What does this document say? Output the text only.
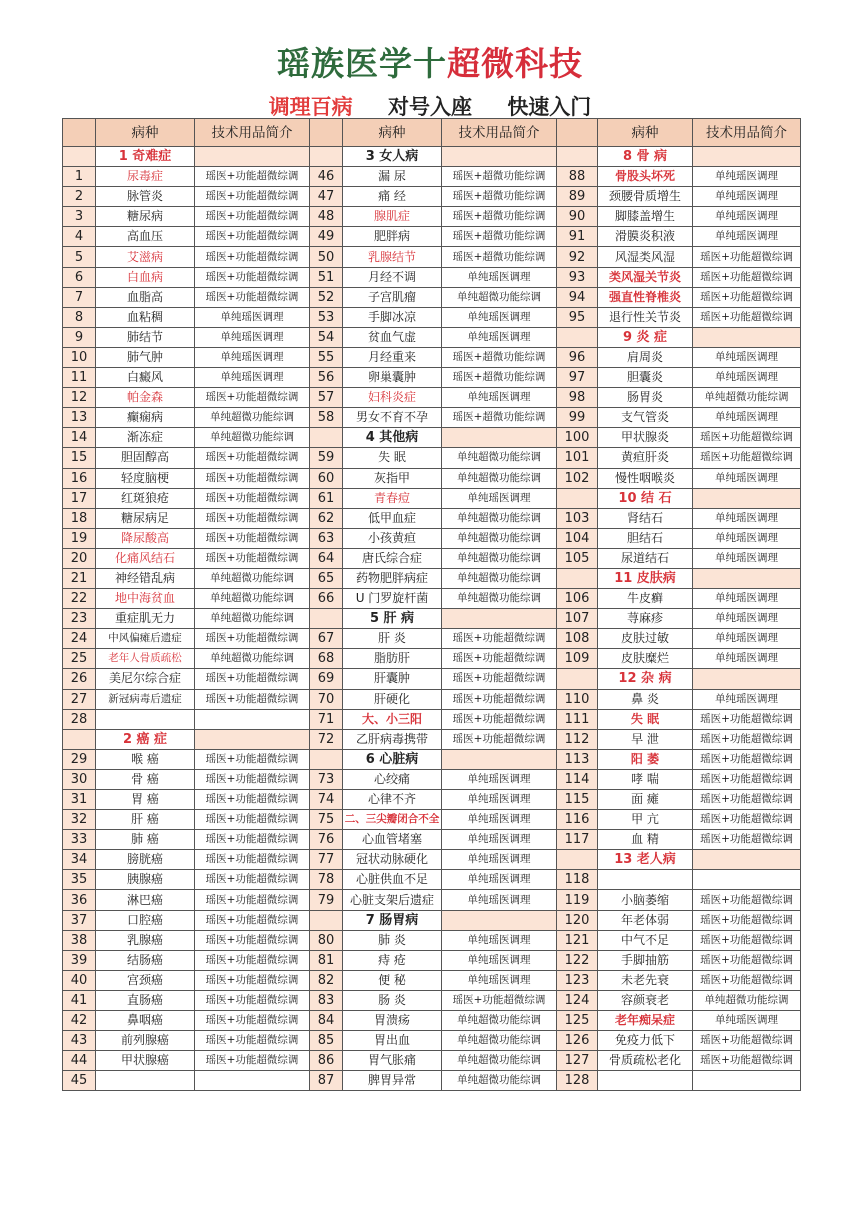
瑶族医学十超微科技
调理百病 对号入座 快速入门
	病种	技术用品简介		病种	技术用品简介		病种	技术用品简介
	1 奇难症			3 女人病			8 骨 病	
1	尿毒症	瑶医+功能超微综调	46	漏 尿	瑶医+超微功能综调	88	骨股头坏死	单纯瑶医调理
2	脉管炎	瑶医+功能超微综调	47	痛 经	瑶医+超微功能综调	89	颈腰骨质增生	单纯瑶医调理
3	糖尿病	瑶医+功能超微综调	48	腺肌症	瑶医+超微功能综调	90	脚膝盖增生	单纯瑶医调理
4	高血压	瑶医+功能超微综调	49	肥胖病	瑶医+超微功能综调	91	滑膜炎积液	单纯瑶医调理
5	艾滋病	瑶医+功能超微综调	50	乳腺结节	瑶医+超微功能综调	92	风湿类风湿	瑶医+功能超微综调
6	白血病	瑶医+功能超微综调	51	月经不调	单纯瑶医调理	93	类风湿关节炎	瑶医+功能超微综调
7	血脂高	瑶医+功能超微综调	52	子宫肌瘤	单纯超微功能综调	94	强直性脊椎炎	瑶医+功能超微综调
8	血粘稠	单纯瑶医调理	53	手脚冰凉	单纯瑶医调理	95	退行性关节炎	瑶医+功能超微综调
9	肺结节	单纯瑶医调理	54	贫血气虚	单纯瑶医调理		9 炎 症	
10	肺气肿	单纯瑶医调理	55	月经重来	瑶医+超微功能综调	96	肩周炎	单纯瑶医调理
11	白癜风	单纯瑶医调理	56	卵巢囊肿	瑶医+超微功能综调	97	胆囊炎	单纯瑶医调理
12	帕金森	瑶医+功能超微综调	57	妇科炎症	单纯瑶医调理	98	肠胃炎	单纯超微功能综调
13	癫痫病	单纯超微功能综调	58	男女不育不孕	瑶医+超微功能综调	99	支气管炎	单纯瑶医调理
14	渐冻症	单纯超微功能综调		4 其他病		100	甲状腺炎	瑶医+功能超微综调
15	胆固醇高	瑶医+功能超微综调	59	失 眠	单纯超微功能综调	101	黄疸肝炎	瑶医+功能超微综调
16	轻度脑梗	瑶医+功能超微综调	60	灰指甲	单纯超微功能综调	102	慢性咽喉炎	单纯瑶医调理
17	红斑狼疮	瑶医+功能超微综调	61	青春痘	单纯瑶医调理		10 结 石	
18	糖尿病足	瑶医+功能超微综调	62	低甲血症	单纯超微功能综调	103	肾结石	单纯瑶医调理
19	降尿酸高	瑶医+功能超微综调	63	小孩黄疸	单纯超微功能综调	104	胆结石	单纯瑶医调理
20	化痛风结石	瑶医+功能超微综调	64	唐氏综合症	单纯超微功能综调	105	尿道结石	单纯瑶医调理
21	神经错乱病	单纯超微功能综调	65	药物肥胖病症	单纯超微功能综调		11 皮肤病	
22	地中海贫血	单纯超微功能综调	66	U 门罗旋杆菌	单纯超微功能综调	106	牛皮癣	单纯瑶医调理
23	重症肌无力	单纯超微功能综调		5 肝 病		107	荨麻疹	单纯瑶医调理
24	中风偏瘫后遗症	瑶医+功能超微综调	67	肝 炎	瑶医+功能超微综调	108	皮肤过敏	单纯瑶医调理
25	老年人骨质疏松	单纯超微功能综调	68	脂肪肝	瑶医+功能超微综调	109	皮肤糜烂	单纯瑶医调理
26	美尼尔综合症	瑶医+功能超微综调	69	肝囊肿	瑶医+功能超微综调		12 杂 病	
27	新冠病毒后遗症	瑶医+功能超微综调	70	肝硬化	瑶医+功能超微综调	110	鼻 炎	单纯瑶医调理
28			71	大、小三阳	瑶医+功能超微综调	111	失 眠	瑶医+功能超微综调
	2 癌 症		72	乙肝病毒携带	瑶医+功能超微综调	112	早 泄	瑶医+功能超微综调
29	喉 癌	瑶医+功能超微综调		6 心脏病		113	阳 萎	瑶医+功能超微综调
30	骨 癌	瑶医+功能超微综调	73	心绞痛	单纯瑶医调理	114	哮 喘	瑶医+功能超微综调
31	胃 癌	瑶医+功能超微综调	74	心律不齐	单纯瑶医调理	115	面 瘫	瑶医+功能超微综调
32	肝 癌	瑶医+功能超微综调	75	二、三尖瓣闭合不全	单纯瑶医调理	116	甲 亢	瑶医+功能超微综调
33	肺 癌	瑶医+功能超微综调	76	心血管堵塞	单纯瑶医调理	117	血 精	瑶医+功能超微综调
34	膀胱癌	瑶医+功能超微综调	77	冠状动脉硬化	单纯瑶医调理		13 老人病	
35	胰腺癌	瑶医+功能超微综调	78	心脏供血不足	单纯瑶医调理	118		
36	淋巴癌	瑶医+功能超微综调	79	心脏支架后遗症	单纯瑶医调理	119	小脑萎缩	瑶医+功能超微综调
37	口腔癌	瑶医+功能超微综调		7 肠胃病		120	年老体弱	瑶医+功能超微综调
38	乳腺癌	瑶医+功能超微综调	80	肺 炎	单纯瑶医调理	121	中气不足	瑶医+功能超微综调
39	结肠癌	瑶医+功能超微综调	81	痔 疮	单纯瑶医调理	122	手脚抽筋	瑶医+功能超微综调
40	宫颈癌	瑶医+功能超微综调	82	便 秘	单纯瑶医调理	123	未老先衰	瑶医+功能超微综调
41	直肠癌	瑶医+功能超微综调	83	肠 炎	瑶医+功能超微综调	124	容颜衰老	单纯超微功能综调
42	鼻咽癌	瑶医+功能超微综调	84	胃溃疡	单纯超微功能综调	125	老年痴呆症	单纯瑶医调理
43	前列腺癌	瑶医+功能超微综调	85	胃出血	单纯超微功能综调	126	免疫力低下	瑶医+功能超微综调
44	甲状腺癌	瑶医+功能超微综调	86	胃气胀痛	单纯超微功能综调	127	骨质疏松老化	瑶医+功能超微综调
45			87	脾胃异常	单纯超微功能综调	128		
